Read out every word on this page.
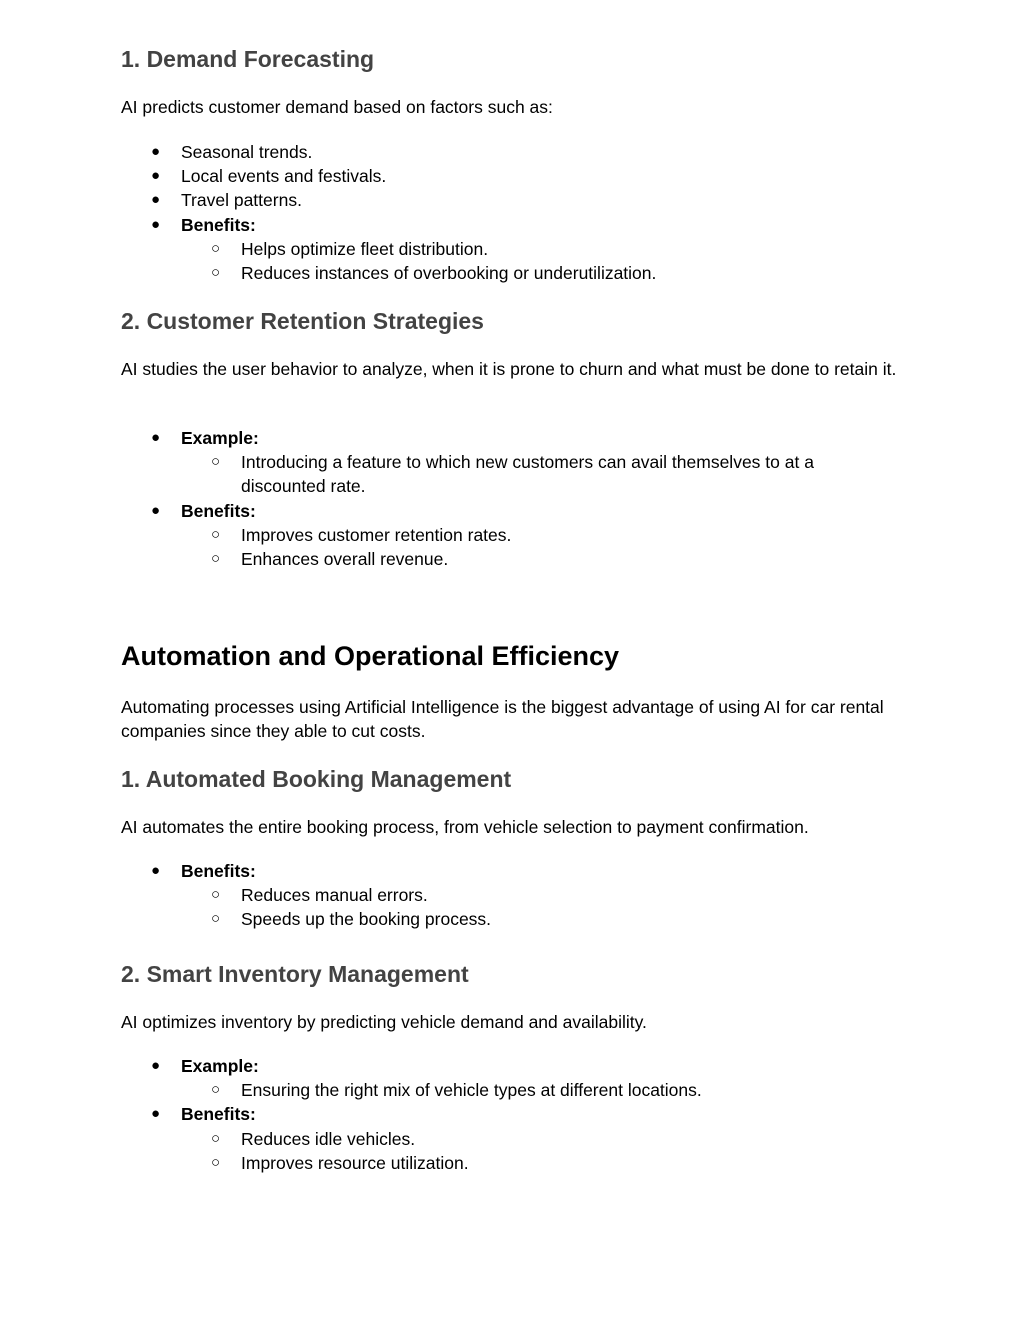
1. Demand Forecasting

AI predicts customer demand based on factors such as:

● Seasonal trends.
● Local events and festivals.
● Travel patterns.
● Benefits:
○ Helps optimize fleet distribution.
○ Reduces instances of overbooking or underutilization.
2. Customer Retention Strategies

AI studies the user behavior to analyze, when it is prone to churn and what must be done to retain it.

● Example:
○ Introducing a feature to which new customers can avail themselves to at a discounted rate.
● Benefits:
○ Improves customer retention rates.
○ Enhances overall revenue.
Automation and Operational Efficiency

Automating processes using Artificial Intelligence is the biggest advantage of using AI for car rental companies since they able to cut costs.

1. Automated Booking Management

AI automates the entire booking process, from vehicle selection to payment confirmation.

● Benefits:
○ Reduces manual errors.
○ Speeds up the booking process.
2. Smart Inventory Management

AI optimizes inventory by predicting vehicle demand and availability.

● Example:
○ Ensuring the right mix of vehicle types at different locations.
● Benefits:
○ Reduces idle vehicles.
○ Improves resource utilization.
